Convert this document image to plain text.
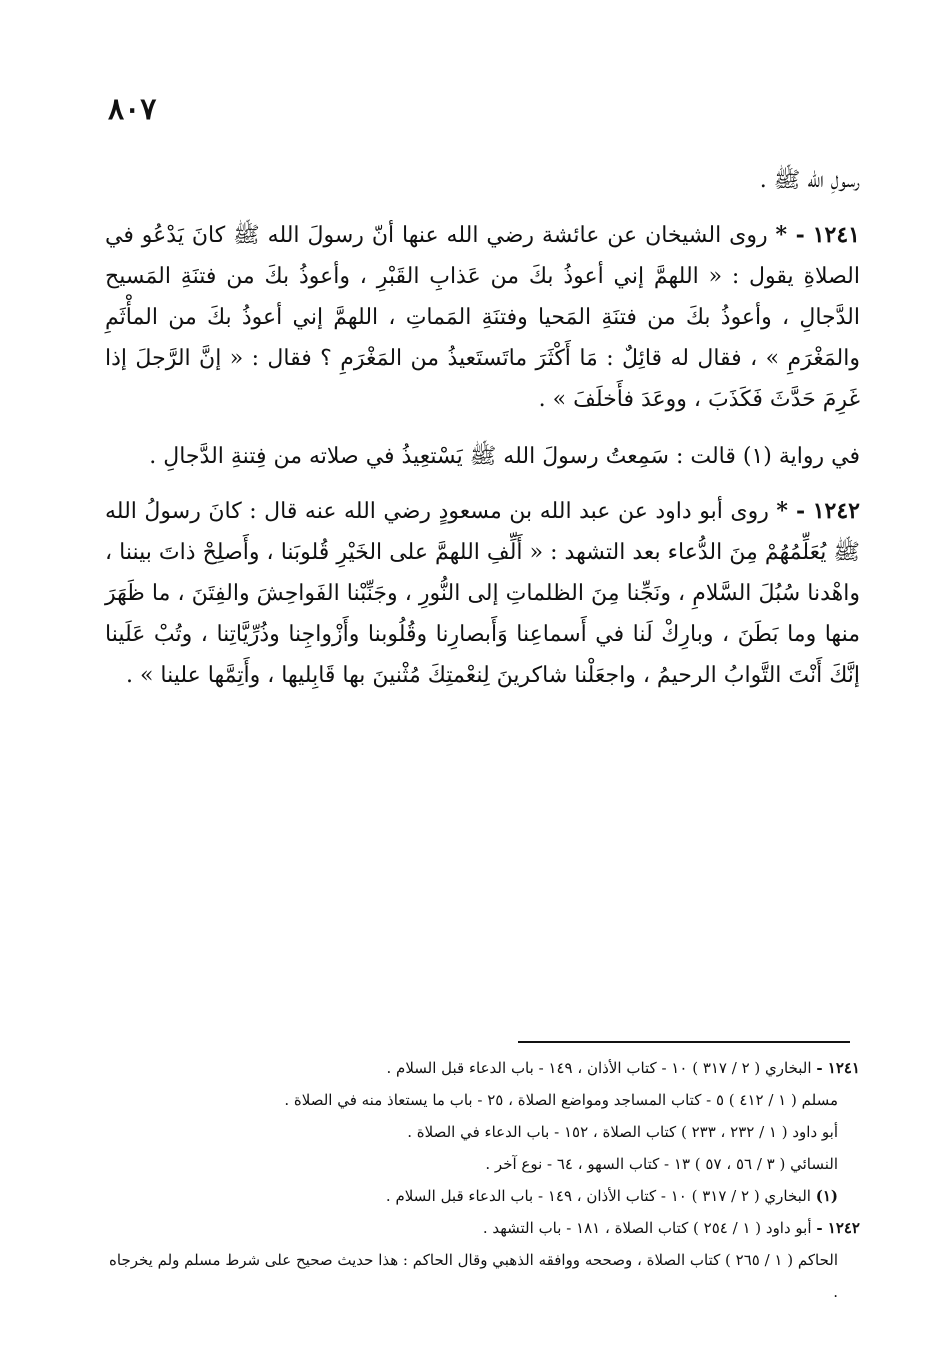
٨٠٧

رسولِ الله ﷺ .

١٢٤١ - * روى الشيخان عن عائشة رضي الله عنها أنّ رسولَ الله ﷺ كانَ يَدْعُو في الصلاةِ يقول : « اللهمَّ إني أعوذُ بكَ من عَذابِ القَبْرِ ، وأعوذُ بكَ من فتنَةِ المَسيح الدَّجالِ ، وأعوذُ بكَ من فتنَةِ المَحيا وفتنَةِ المَماتِ ، اللهمَّ إني أعوذُ بكَ من المأْثَمِ والمَغْرَمِ » ، فقال له قائِلٌ : مَا أَكْثَرَ ماتَستَعيذُ من المَغْرَمِ ؟ فقال : « إنَّ الرَّجلَ إذا غَرِمَ حَدَّثَ فَكَذَبَ ، ووعَدَ فأَخلَفَ » .

في رواية (١) قالت : سَمِعتُ رسولَ الله ﷺ يَسْتعِيذُ في صلاته من فِتنةِ الدَّجالِ .

١٢٤٢ - * روى أبو داود عن عبد الله بن مسعودٍ رضي الله عنه قال : كانَ رسولُ الله ﷺ يُعَلِّمُهُمْ مِنَ الدُّعاء بعد التشهد : « أَلِّفِ اللهمَّ على الخَيْرِ قُلوبَنا ، وأَصلِحْ ذاتَ بيننا ، واهْدنا سُبُلَ السَّلامِ ، ونَجِّنا مِنَ الظلماتِ إلى النُّورِ ، وجَنِّبْنا الفَواحِشَ والفِتَنَ ، ما ظَهَرَ منها وما بَطَنَ ، وبارِكْ لَنا في أَسماعِنا وَأَبصارِنا وقُلُوبنا وأَزْواجِنا وذُرِّيَّاتِنا ، وتُبْ عَلَينا إنَّكَ أَنْتَ التَّوابُ الرحيمُ ، واجعَلْنا شاكرينَ لِنعْمتِكَ مُثْنينَ بها قَابِليها ، وأَتِمَّها علينا » .

١٢٤١ - البخاري ( ٢ / ٣١٧ ) ١٠ - كتاب الأذان ، ١٤٩ - باب الدعاء قبل السلام .

مسلم ( ١ / ٤١٢ ) ٥ - كتاب المساجد ومواضع الصلاة ، ٢٥ - باب ما يستعاذ منه في الصلاة .

أبو داود ( ١ / ٢٣٢ ، ٢٣٣ ) كتاب الصلاة ، ١٥٢ - باب الدعاء في الصلاة .

النسائي ( ٣ / ٥٦ ، ٥٧ ) ١٣ - كتاب السهو ، ٦٤ - نوع آخر .

(١) البخاري ( ٢ / ٣١٧ ) ١٠ - كتاب الأذان ، ١٤٩ - باب الدعاء قبل السلام .

١٢٤٢ - أبو داود ( ١ / ٢٥٤ ) كتاب الصلاة ، ١٨١ - باب التشهد .

الحاكم ( ١ / ٢٦٥ ) كتاب الصلاة ، وصححه ووافقه الذهبي وقال الحاكم : هذا حديث صحيح على شرط مسلم ولم يخرجاه .
